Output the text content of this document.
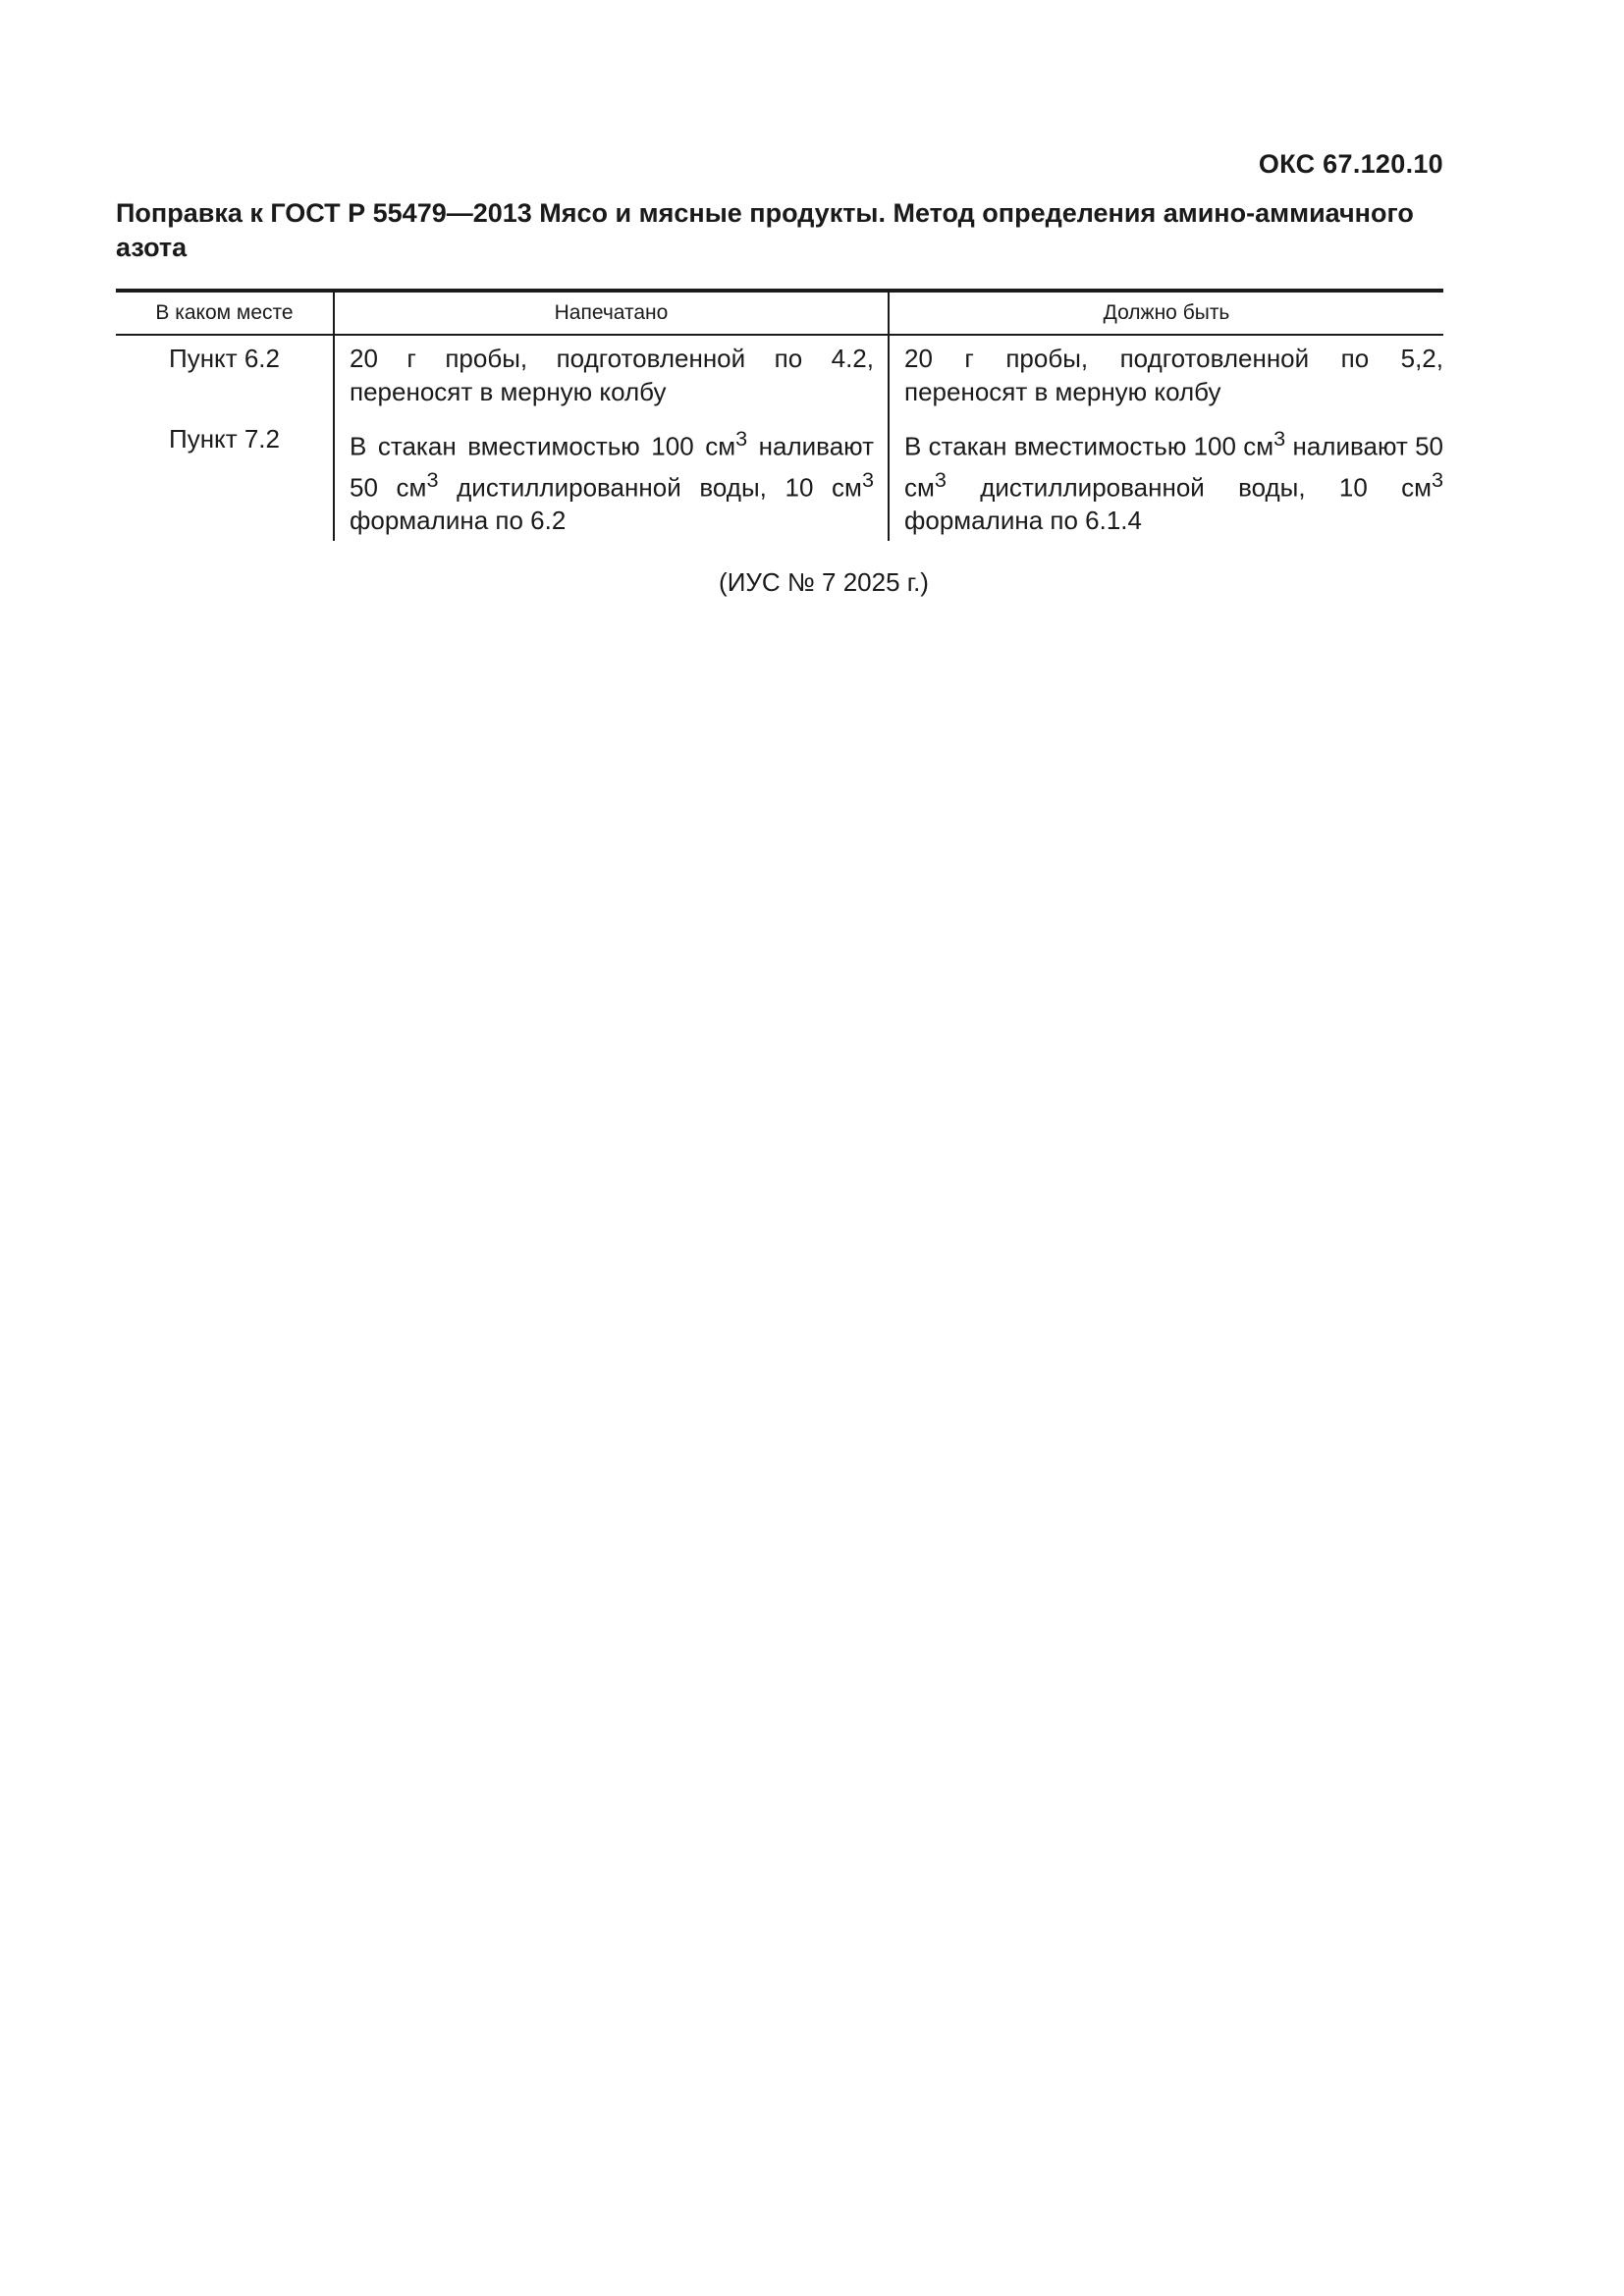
ОКС 67.120.10
Поправка к ГОСТ Р 55479—2013 Мясо и мясные продукты. Метод определения амино-аммиачного азота
В каком месте	Напечатано	Должно быть
Пункт 6.2	20 г пробы, подготовленной по 4.2, переносят в мерную колбу	20 г пробы, подготовленной по 5,2, переносят в мерную колбу
Пункт 7.2	В стакан вместимостью 100 $см^3$ наливают 50 $см^3$ дистиллированной воды, 10 $см^3$ формалина по 6.2	В стакан вместимостью 100 $см^3$ наливают 50 $см^3$ дистиллированной воды, 10 $см^3$ формалина по 6.1.4
(ИУС № 7 2025 г.)
